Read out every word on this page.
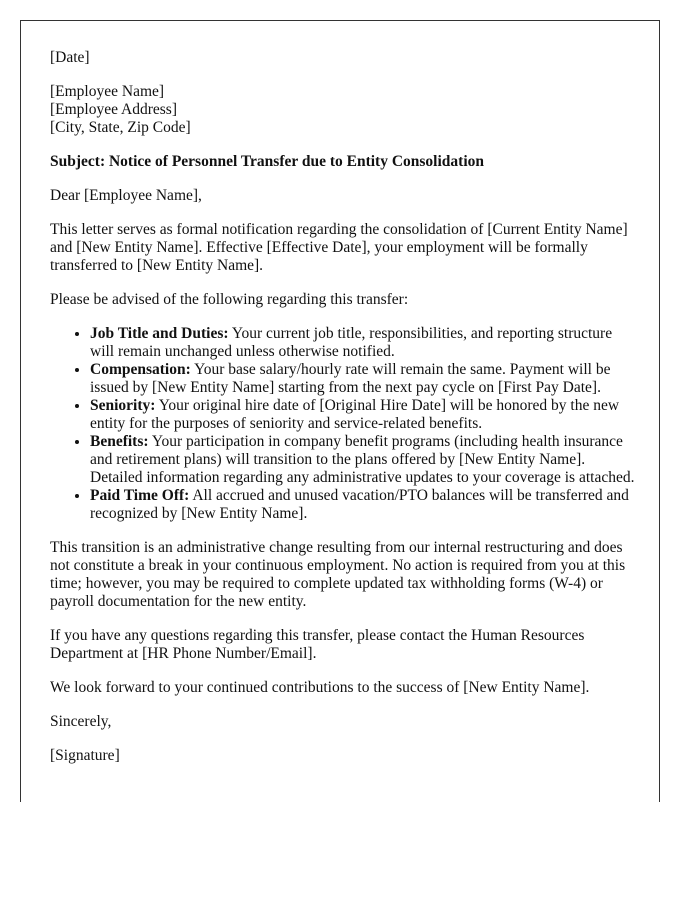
[Date]

[Employee Name]
[Employee Address]
[City, State, Zip Code]

Subject: Notice of Personnel Transfer due to Entity Consolidation

Dear [Employee Name],

This letter serves as formal notification regarding the consolidation of [Current Entity Name] and [New Entity Name]. Effective [Effective Date], your employment will be formally transferred to [New Entity Name].

Please be advised of the following regarding this transfer:

• Job Title and Duties: Your current job title, responsibilities, and reporting structure will remain unchanged unless otherwise notified.
• Compensation: Your base salary/hourly rate will remain the same. Payment will be issued by [New Entity Name] starting from the next pay cycle on [First Pay Date].
• Seniority: Your original hire date of [Original Hire Date] will be honored by the new entity for the purposes of seniority and service-related benefits.
• Benefits: Your participation in company benefit programs (including health insurance and retirement plans) will transition to the plans offered by [New Entity Name]. Detailed information regarding any administrative updates to your coverage is attached.
• Paid Time Off: All accrued and unused vacation/PTO balances will be transferred and recognized by [New Entity Name].

This transition is an administrative change resulting from our internal restructuring and does not constitute a break in your continuous employment. No action is required from you at this time; however, you may be required to complete updated tax withholding forms (W-4) or payroll documentation for the new entity.

If you have any questions regarding this transfer, please contact the Human Resources Department at [HR Phone Number/Email].

We look forward to your continued contributions to the success of [New Entity Name].

Sincerely,

[Signature]
